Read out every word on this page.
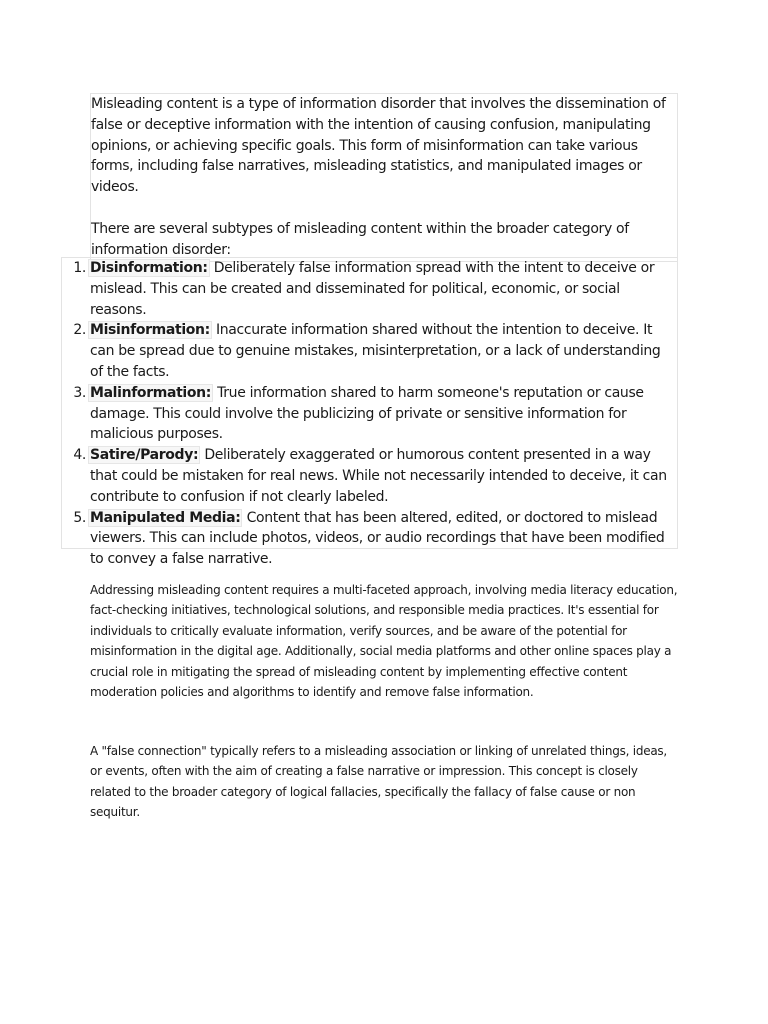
Misleading content is a type of information disorder that involves the dissemination of false or deceptive information with the intention of causing confusion, manipulating opinions, or achieving specific goals. This form of misinformation can take various forms, including false narratives, misleading statistics, and manipulated images or videos.

There are several subtypes of misleading content within the broader category of information disorder:

1. Disinformation: Deliberately false information spread with the intent to deceive or mislead. This can be created and disseminated for political, economic, or social reasons.
2. Misinformation: Inaccurate information shared without the intention to deceive. It can be spread due to genuine mistakes, misinterpretation, or a lack of understanding of the facts.
3. Malinformation: True information shared to harm someone's reputation or cause damage. This could involve the publicizing of private or sensitive information for malicious purposes.
4. Satire/Parody: Deliberately exaggerated or humorous content presented in a way that could be mistaken for real news. While not necessarily intended to deceive, it can contribute to confusion if not clearly labeled.
5. Manipulated Media: Content that has been altered, edited, or doctored to mislead viewers. This can include photos, videos, or audio recordings that have been modified to convey a false narrative.

Addressing misleading content requires a multi-faceted approach, involving media literacy education, fact-checking initiatives, technological solutions, and responsible media practices. It's essential for individuals to critically evaluate information, verify sources, and be aware of the potential for misinformation in the digital age. Additionally, social media platforms and other online spaces play a crucial role in mitigating the spread of misleading content by implementing effective content moderation policies and algorithms to identify and remove false information.

A "false connection" typically refers to a misleading association or linking of unrelated things, ideas, or events, often with the aim of creating a false narrative or impression. This concept is closely related to the broader category of logical fallacies, specifically the fallacy of false cause or non sequitur.
